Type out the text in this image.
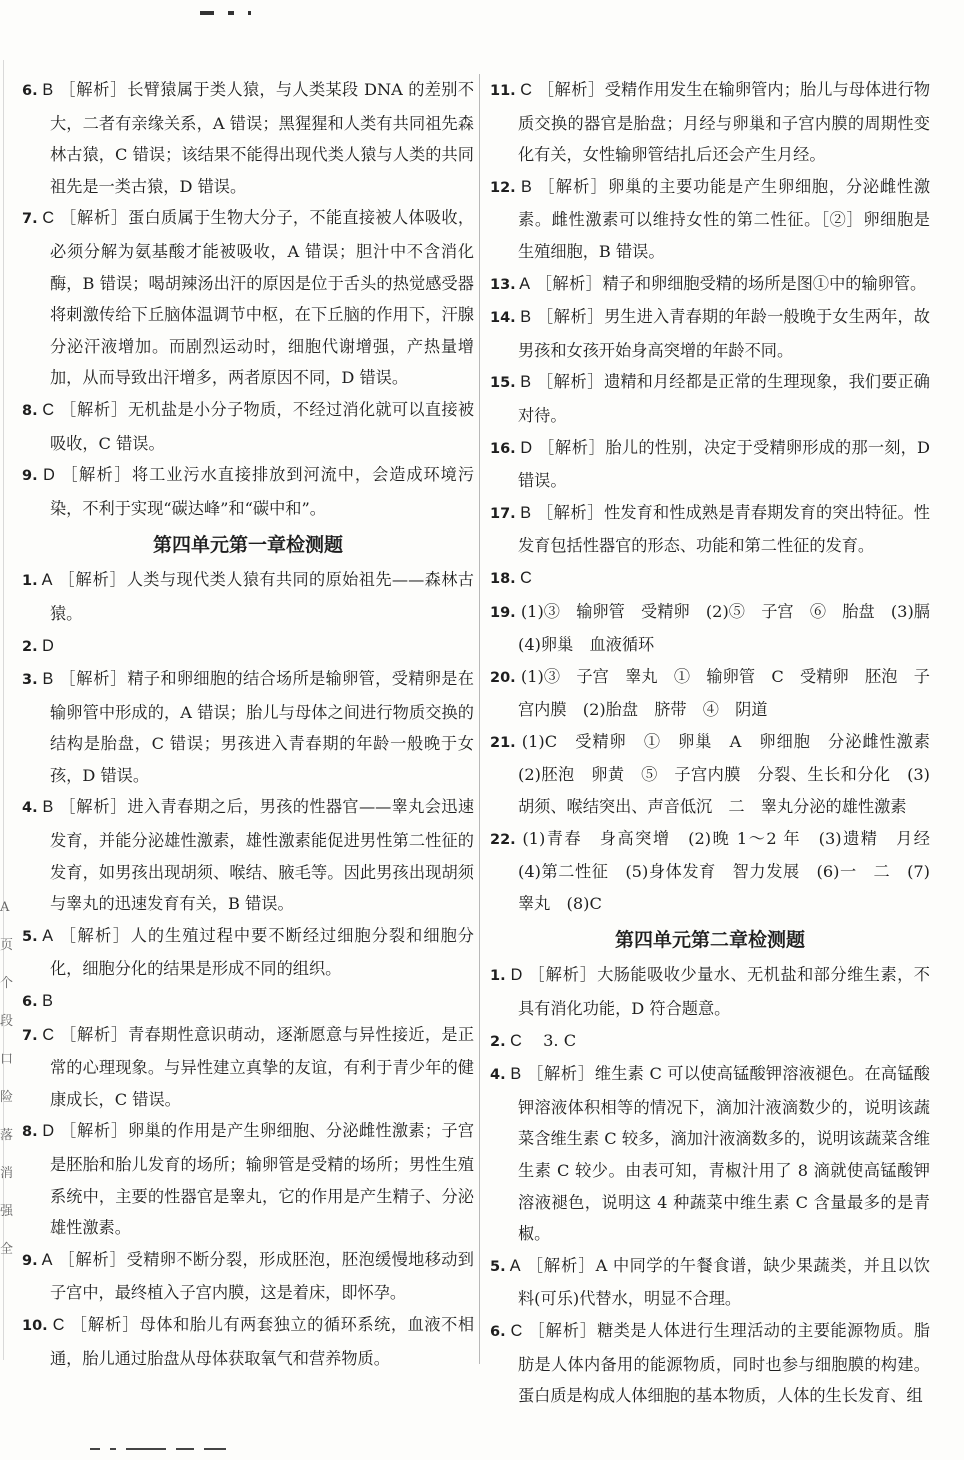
A
页
个
段
口
险
落
消
强
全

6. B ［解析］长臂猿属于类人猿，与人类某段 DNA 的差别不大，二者有亲缘关系，A 错误；黑猩猩和人类有共同祖先森林古猿，C 错误；该结果不能得出现代类人猿与人类的共同祖先是一类古猿，D 错误。

7. C ［解析］蛋白质属于生物大分子，不能直接被人体吸收，必须分解为氨基酸才能被吸收，A 错误；胆汁中不含消化酶，B 错误；喝胡辣汤出汗的原因是位于舌头的热觉感受器将刺激传给下丘脑体温调节中枢，在下丘脑的作用下，汗腺分泌汗液增加。而剧烈运动时，细胞代谢增强，产热量增加，从而导致出汗增多，两者原因不同，D 错误。

8. C ［解析］无机盐是小分子物质，不经过消化就可以直接被吸收，C 错误。

9. D ［解析］将工业污水直接排放到河流中，会造成环境污染，不利于实现“碳达峰”和“碳中和”。

第四单元第一章检测题

1. A ［解析］人类与现代类人猿有共同的原始祖先——森林古猿。

2. D

3. B ［解析］精子和卵细胞的结合场所是输卵管，受精卵是在输卵管中形成的，A 错误；胎儿与母体之间进行物质交换的结构是胎盘，C 错误；男孩进入青春期的年龄一般晚于女孩，D 错误。

4. B ［解析］进入青春期之后，男孩的性器官——睾丸会迅速发育，并能分泌雄性激素，雄性激素能促进男性第二性征的发育，如男孩出现胡须、喉结、腋毛等。因此男孩出现胡须与睾丸的迅速发育有关，B 错误。

5. A ［解析］人的生殖过程中要不断经过细胞分裂和细胞分化，细胞分化的结果是形成不同的组织。

6. B

7. C ［解析］青春期性意识萌动，逐渐愿意与异性接近，是正常的心理现象。与异性建立真挚的友谊，有利于青少年的健康成长，C 错误。

8. D ［解析］卵巢的作用是产生卵细胞、分泌雌性激素；子宫是胚胎和胎儿发育的场所；输卵管是受精的场所；男性生殖系统中，主要的性器官是睾丸，它的作用是产生精子、分泌雄性激素。

9. A ［解析］受精卵不断分裂，形成胚泡，胚泡缓慢地移动到子宫中，最终植入子宫内膜，这是着床，即怀孕。

10. C ［解析］母体和胎儿有两套独立的循环系统，血液不相通，胎儿通过胎盘从母体获取氧气和营养物质。

11. C ［解析］受精作用发生在输卵管内；胎儿与母体进行物质交换的器官是胎盘；月经与卵巢和子宫内膜的周期性变化有关，女性输卵管结扎后还会产生月经。

12. B ［解析］卵巢的主要功能是产生卵细胞，分泌雌性激素。雌性激素可以维持女性的第二性征。［②］卵细胞是生殖细胞，B 错误。

13. A ［解析］精子和卵细胞受精的场所是图①中的输卵管。

14. B ［解析］男生进入青春期的年龄一般晚于女生两年，故男孩和女孩开始身高突增的年龄不同。

15. B ［解析］遗精和月经都是正常的生理现象，我们要正确对待。

16. D ［解析］胎儿的性别，决定于受精卵形成的那一刻，D 错误。

17. B ［解析］性发育和性成熟是青春期发育的突出特征。性发育包括性器官的形态、功能和第二性征的发育。

18. C

19. (1)③　输卵管　受精卵　(2)⑤　子宫　⑥　胎盘　(3)膈　(4)卵巢　血液循环

20. (1)③　子宫　睾丸　①　输卵管　C　受精卵　胚泡　子宫内膜　(2)胎盘　脐带　④　阴道

21. (1)C　受精卵　①　卵巢　A　卵细胞　分泌雌性激素　(2)胚泡　卵黄　⑤　子宫内膜　分裂、生长和分化　(3)胡须、喉结突出、声音低沉　二　睾丸分泌的雄性激素

22. (1)青春　身高突增　(2)晚 1～2 年　(3)遗精　月经　(4)第二性征　(5)身体发育　智力发展　(6)一　二　(7)睾丸　(8)C

第四单元第二章检测题

1. D ［解析］大肠能吸收少量水、无机盐和部分维生素，不具有消化功能，D 符合题意。

2. C 　3. C

4. B ［解析］维生素 C 可以使高锰酸钾溶液褪色。在高锰酸钾溶液体积相等的情况下，滴加汁液滴数少的，说明该蔬菜含维生素 C 较多，滴加汁液滴数多的，说明该蔬菜含维生素 C 较少。由表可知，青椒汁用了 8 滴就使高锰酸钾溶液褪色，说明这 4 种蔬菜中维生素 C 含量最多的是青椒。

5. A ［解析］A 中同学的午餐食谱，缺少果蔬类，并且以饮料(可乐)代替水，明显不合理。

6. C ［解析］糖类是人体进行生理活动的主要能源物质。脂肪是人体内备用的能源物质，同时也参与细胞膜的构建。蛋白质是构成人体细胞的基本物质，人体的生长发育、组
